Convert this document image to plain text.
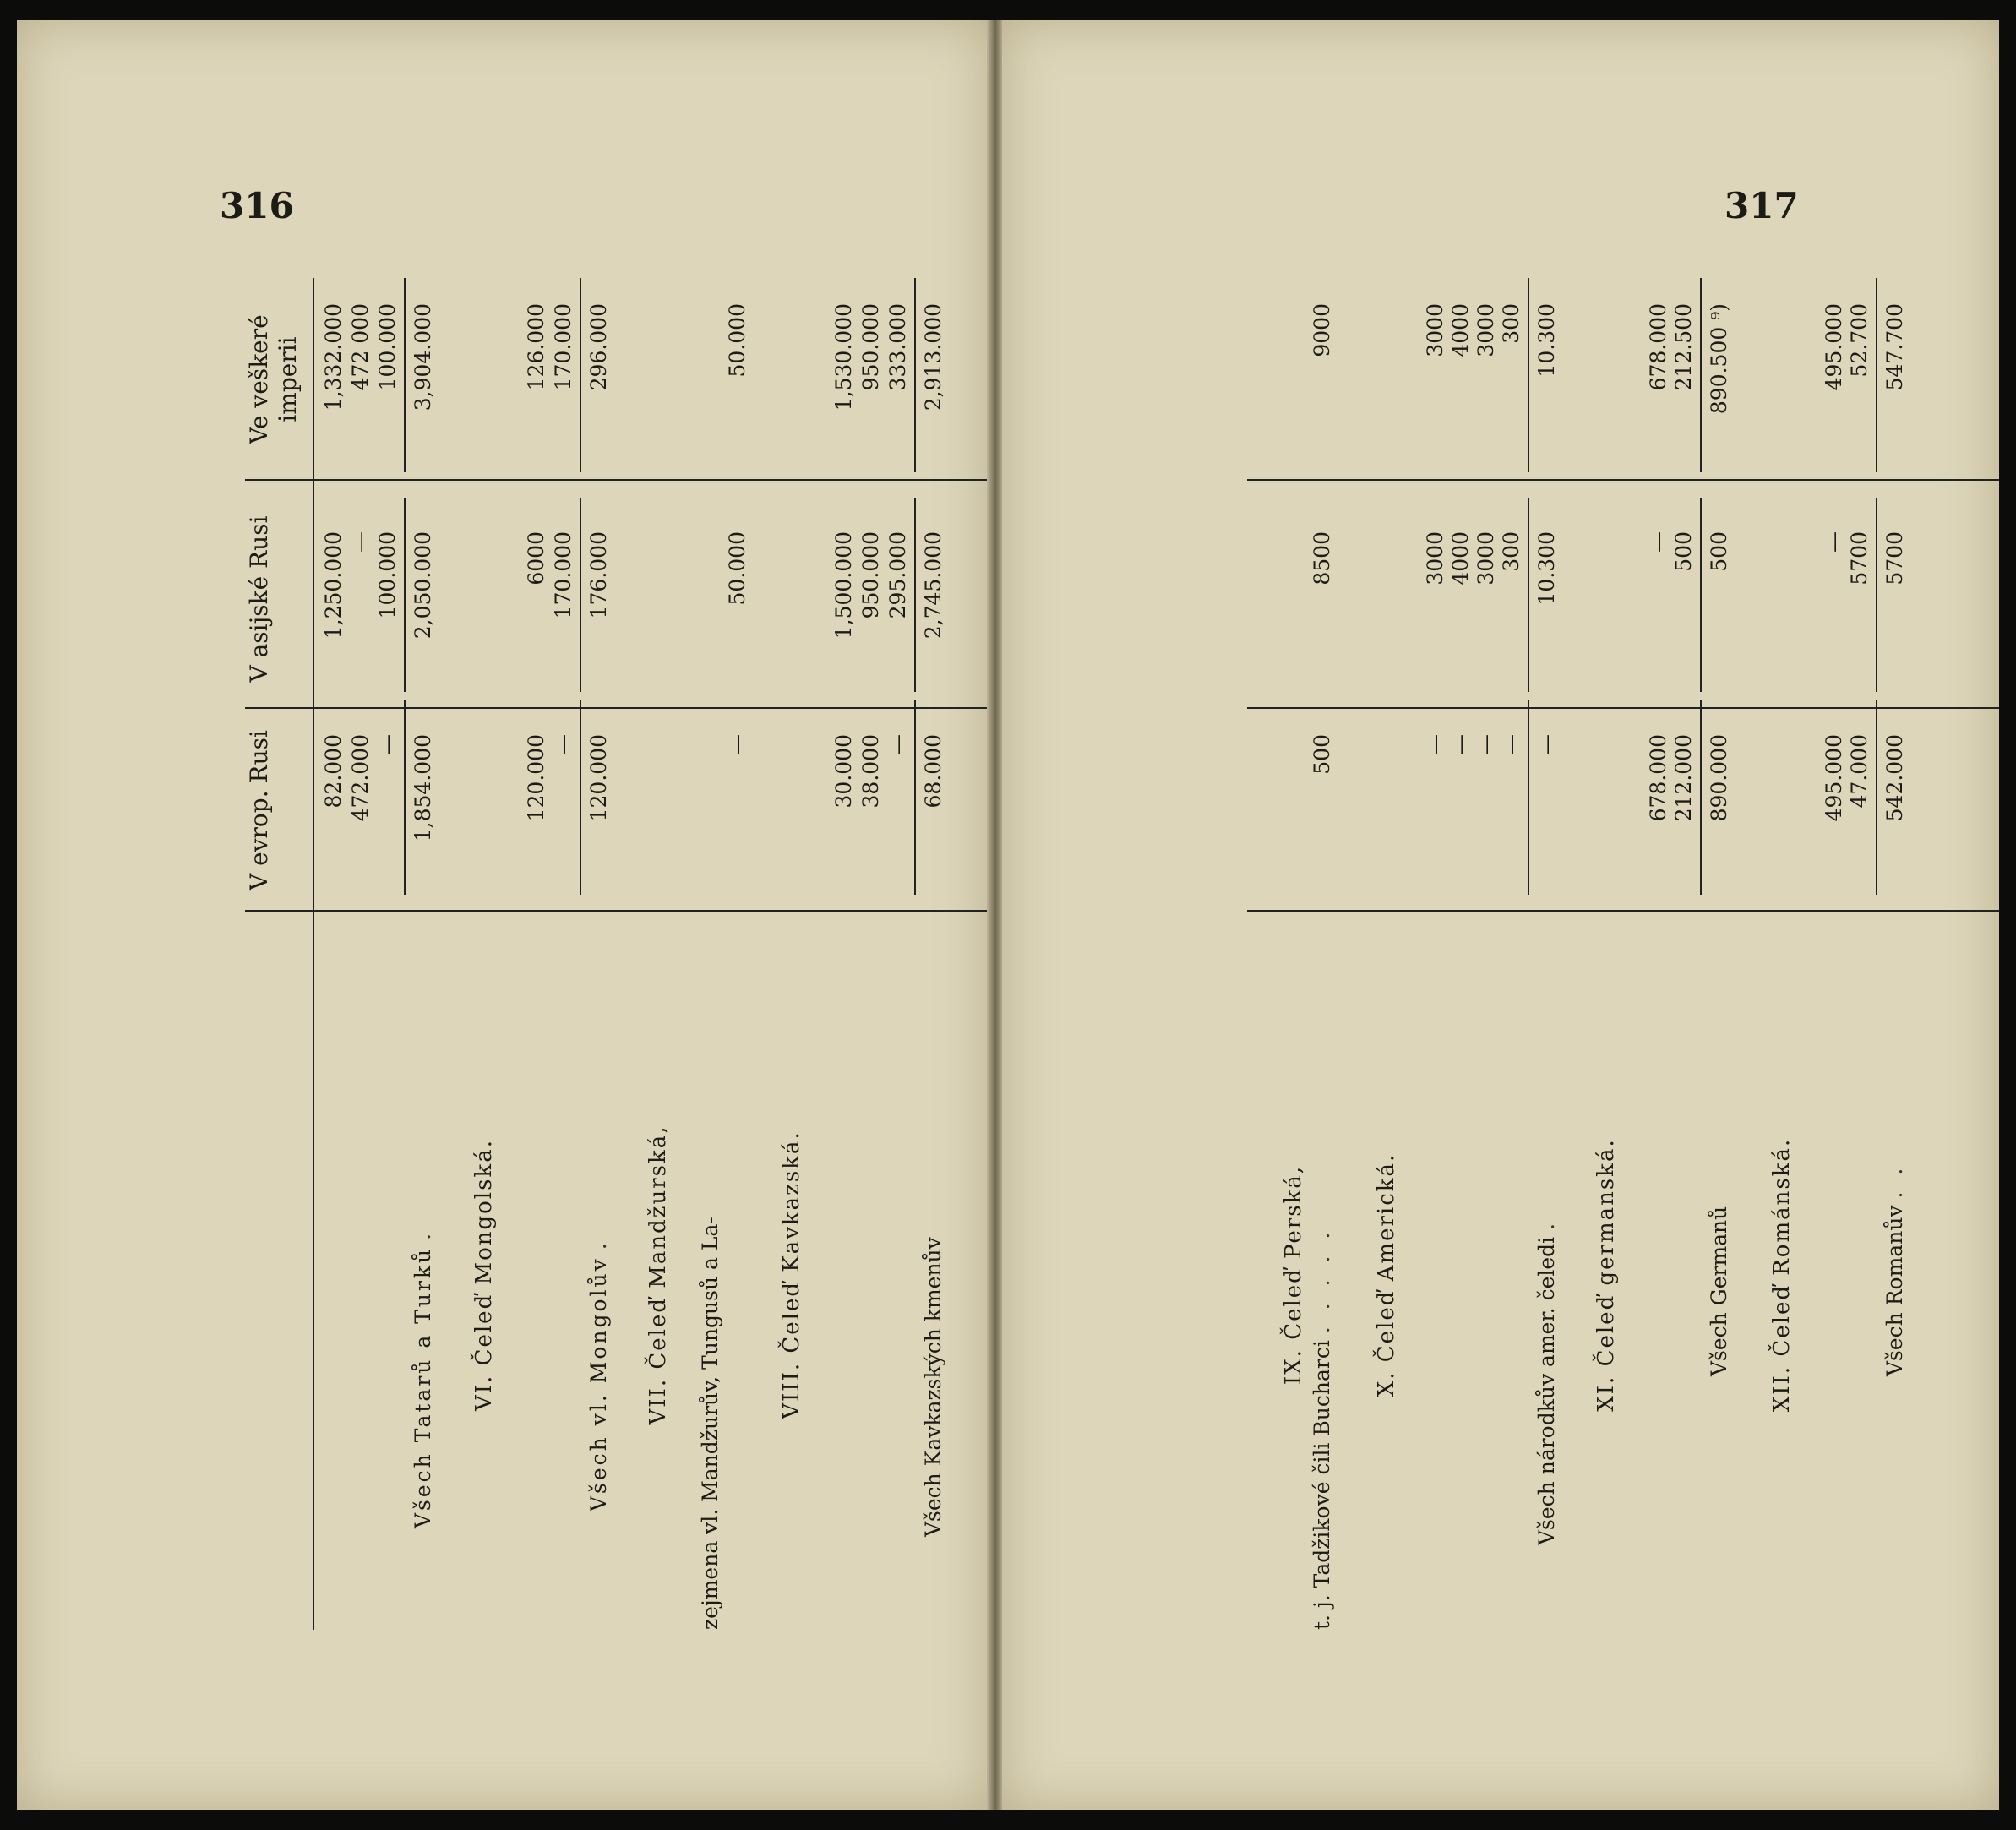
316
V evrop. Rusi
V asijské Rusi
Ve veškeré imperii
82.000
1,250.000
1,332.000
472.000
—
472 000
—
100.000
100.000
Všech Tatarů a Turků .
1,854.000
2,050.000
3,904.000
VI. Čeleď Mongolská.
120.000
6000
126.000
—
170.000
170.000
Všech vl. Mongolův .
120.000
176.000
296.000
VII. Čeleď Mandžurská, zejmena vl. Mandžurův, Tungusů a La-
—
50.000
50.000
VIII. Čeleď Kavkazská.
30.000
1,500.000
1,530.000
38.000
950.000
950.000
—
295.000
333.000
Všech Kavkazských kmenův
68.000
2,745.000
2,913.000
317
IX. Čeleď Perská,
t. j. Tadžikové čili Bucharci . . . . .
500
8500
9000
X. Čeleď Americká.
—
3000
3000
—
4000
4000
—
3000
3000
—
300
300
Všech národkův amer. čeledi .
—
10.300
10.300
XI. Čeleď germanská.
678.000
—
678.000
212.000
500
212.500
Všech Germanů
890.000
500
890.500 ⁹)
XII. Čeleď Románská.
495.000
—
495.000
47.000
5700
52.700
Všech Romanův . .
542.000
5700
547.700
